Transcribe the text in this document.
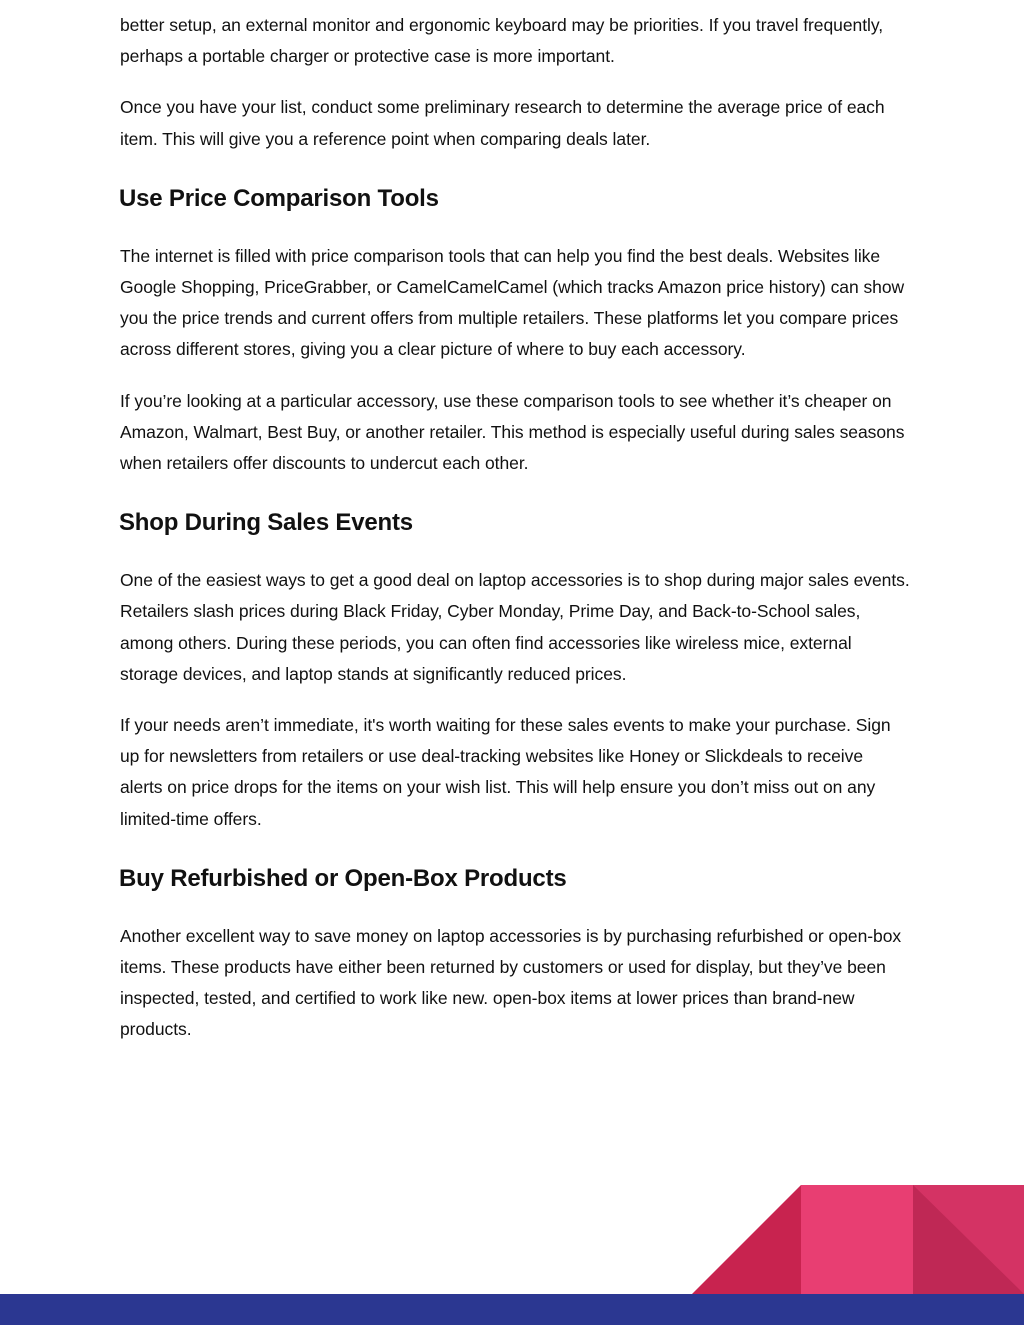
better setup, an external monitor and ergonomic keyboard may be priorities. If you travel frequently, perhaps a portable charger or protective case is more important.

Once you have your list, conduct some preliminary research to determine the average price of each item. This will give you a reference point when comparing deals later.

Use Price Comparison Tools

The internet is filled with price comparison tools that can help you find the best deals. Websites like Google Shopping, PriceGrabber, or CamelCamelCamel (which tracks Amazon price history) can show you the price trends and current offers from multiple retailers. These platforms let you compare prices across different stores, giving you a clear picture of where to buy each accessory.

If you’re looking at a particular accessory, use these comparison tools to see whether it’s cheaper on Amazon, Walmart, Best Buy, or another retailer. This method is especially useful during sales seasons when retailers offer discounts to undercut each other.

Shop During Sales Events

One of the easiest ways to get a good deal on laptop accessories is to shop during major sales events. Retailers slash prices during Black Friday, Cyber Monday, Prime Day, and Back-to-School sales, among others. During these periods, you can often find accessories like wireless mice, external storage devices, and laptop stands at significantly reduced prices.

If your needs aren’t immediate, it's worth waiting for these sales events to make your purchase. Sign up for newsletters from retailers or use deal-tracking websites like Honey or Slickdeals to receive alerts on price drops for the items on your wish list. This will help ensure you don’t miss out on any limited-time offers.

Buy Refurbished or Open-Box Products

Another excellent way to save money on laptop accessories is by purchasing refurbished or open-box items. These products have either been returned by customers or used for display, but they’ve been inspected, tested, and certified to work like new. open-box items at lower prices than brand-new products.
